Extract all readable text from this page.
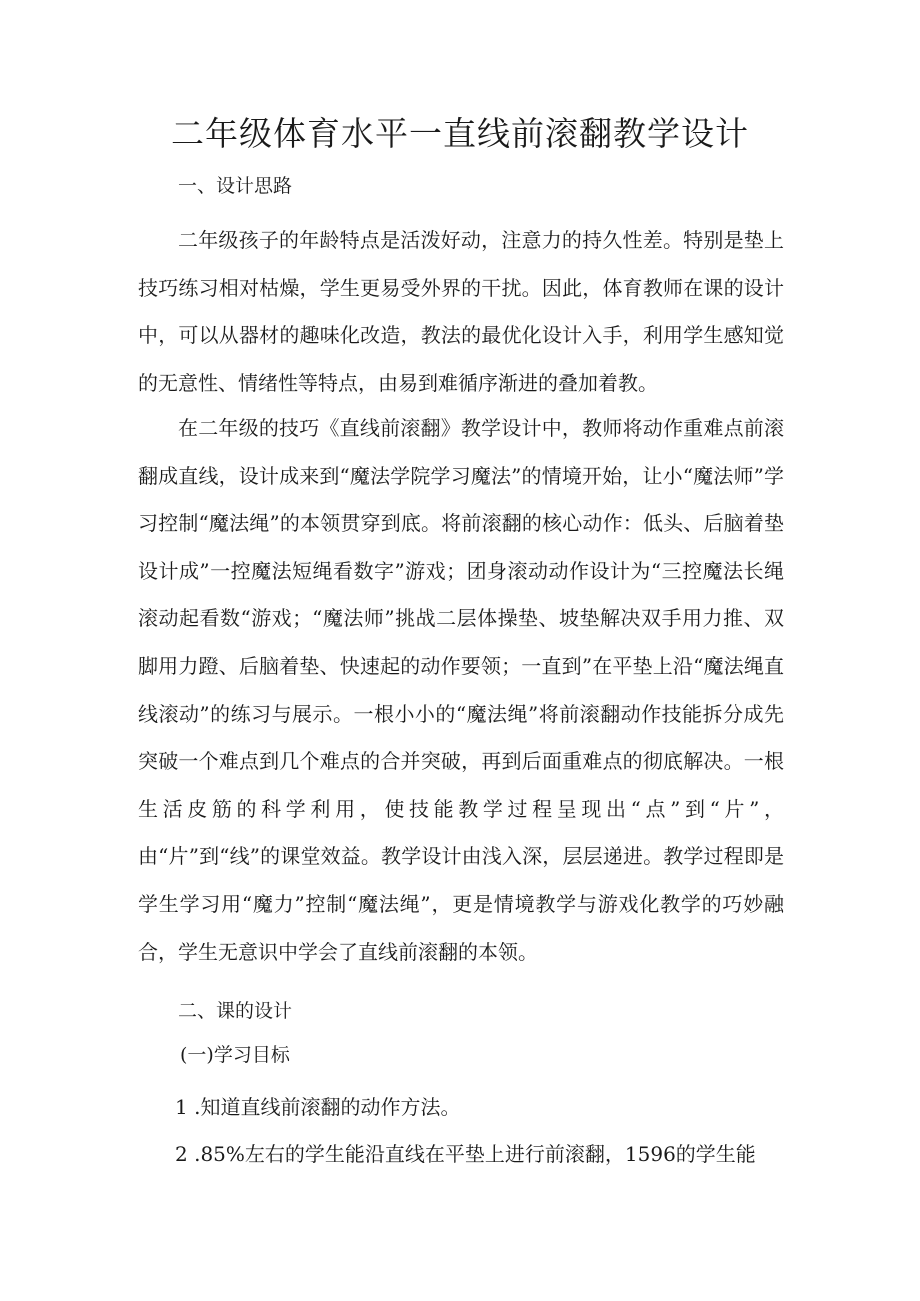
二年级体育水平一直线前滚翻教学设计

一、设计思路

二年级孩子的年龄特点是活泼好动，注意力的持久性差。特别是垫上技巧练习相对枯燥，学生更易受外界的干扰。因此，体育教师在课的设计中，可以从器材的趣味化改造，教法的最优化设计入手，利用学生感知觉的无意性、情绪性等特点，由易到难循序渐进的叠加着教。

在二年级的技巧《直线前滚翻》教学设计中，教师将动作重难点前滚翻成直线，设计成来到“魔法学院学习魔法”的情境开始，让小“魔法师”学习控制“魔法绳”的本领贯穿到底。将前滚翻的核心动作：低头、后脑着垫设计成”一控魔法短绳看数字”游戏；团身滚动动作设计为“三控魔法长绳滚动起看数“游戏；“魔法师”挑战二层体操垫、坡垫解决双手用力推、双脚用力蹬、后脑着垫、快速起的动作要领；一直到”在平垫上沿“魔法绳直线滚动”的练习与展示。一根小小的“魔法绳”将前滚翻动作技能拆分成先突破一个难点到几个难点的合并突破，再到后面重难点的彻底解决。一根生活皮筋的科学利用，使技能教学过程呈现出“点”到“片”，由“片”到“线”的课堂效益。教学设计由浅入深，层层递进。教学过程即是学生学习用“魔力”控制“魔法绳”，更是情境教学与游戏化教学的巧妙融合，学生无意识中学会了直线前滚翻的本领。

二、课的设计

(一)学习目标

1 .知道直线前滚翻的动作方法。

2 .85%左右的学生能沿直线在平垫上进行前滚翻，1596的学生能
